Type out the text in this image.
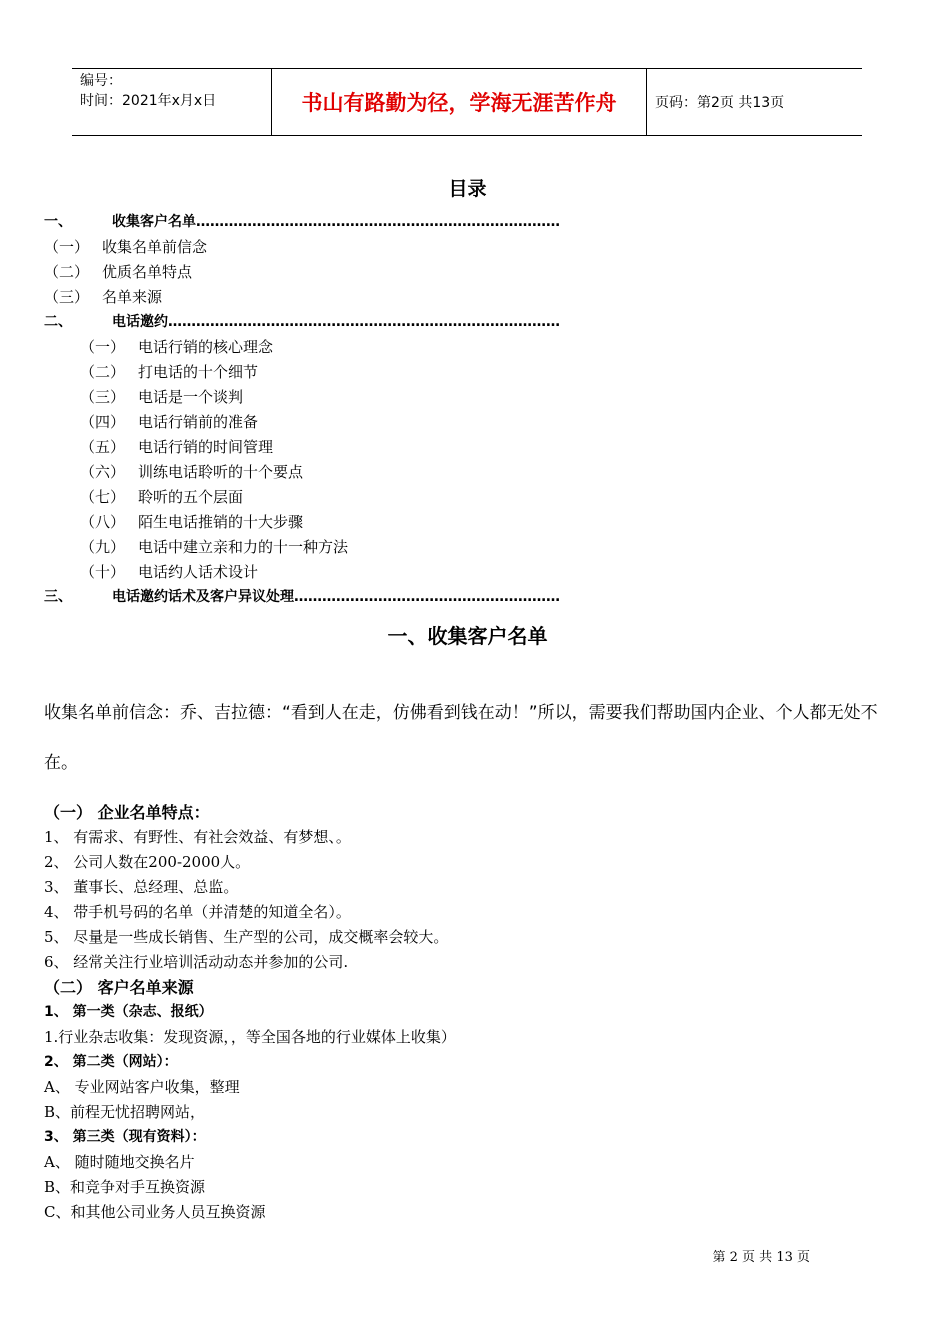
编号：
时间：2021年x月x日	书山有路勤为径，学海无涯苦作舟	页码：第2页 共13页
目录
一、	收集客户名单 ……………………………………………………………………
（一） 收集名单前信念
（二） 优质名单特点
（三） 名单来源
二、	电话邀约 …………………………………………………………………………
（一） 电话行销的核心理念
（二） 打电话的十个细节
（三） 电话是一个谈判
（四） 电话行销前的准备
（五） 电话行销的时间管理
（六） 训练电话聆听的十个要点
（七） 聆听的五个层面
（八） 陌生电话推销的十大步骤
（九） 电话中建立亲和力的十一种方法
（十） 电话约人话术设计
三、	电话邀约话术及客户异议处理 …………………………………………………
一、收集客户名单
收集名单前信念：乔、吉拉德：“看到人在走，仿佛看到钱在动！”所以，需要我们帮助国内企业、个人都无处不在。
（一） 企业名单特点：
1、 有需求、有野性、有社会效益、有梦想、。
2、 公司人数在200-2000人。
3、 董事长、总经理、总监。
4、 带手机号码的名单（并清楚的知道全名）。
5、 尽量是一些成长销售、生产型的公司，成交概率会较大。
6、 经常关注行业培训活动动态并参加的公司.
（二） 客户名单来源
1、 第一类（杂志、报纸）
1.行业杂志收集：发现资源，，等全国各地的行业媒体上收集）
2、 第二类（网站）：
A、 专业网站客户收集，整理
B、前程无忧招聘网站，
3、 第三类（现有资料）：
A、 随时随地交换名片
B、和竞争对手互换资源
C、和其他公司业务人员互换资源
第 2 页 共 13 页
